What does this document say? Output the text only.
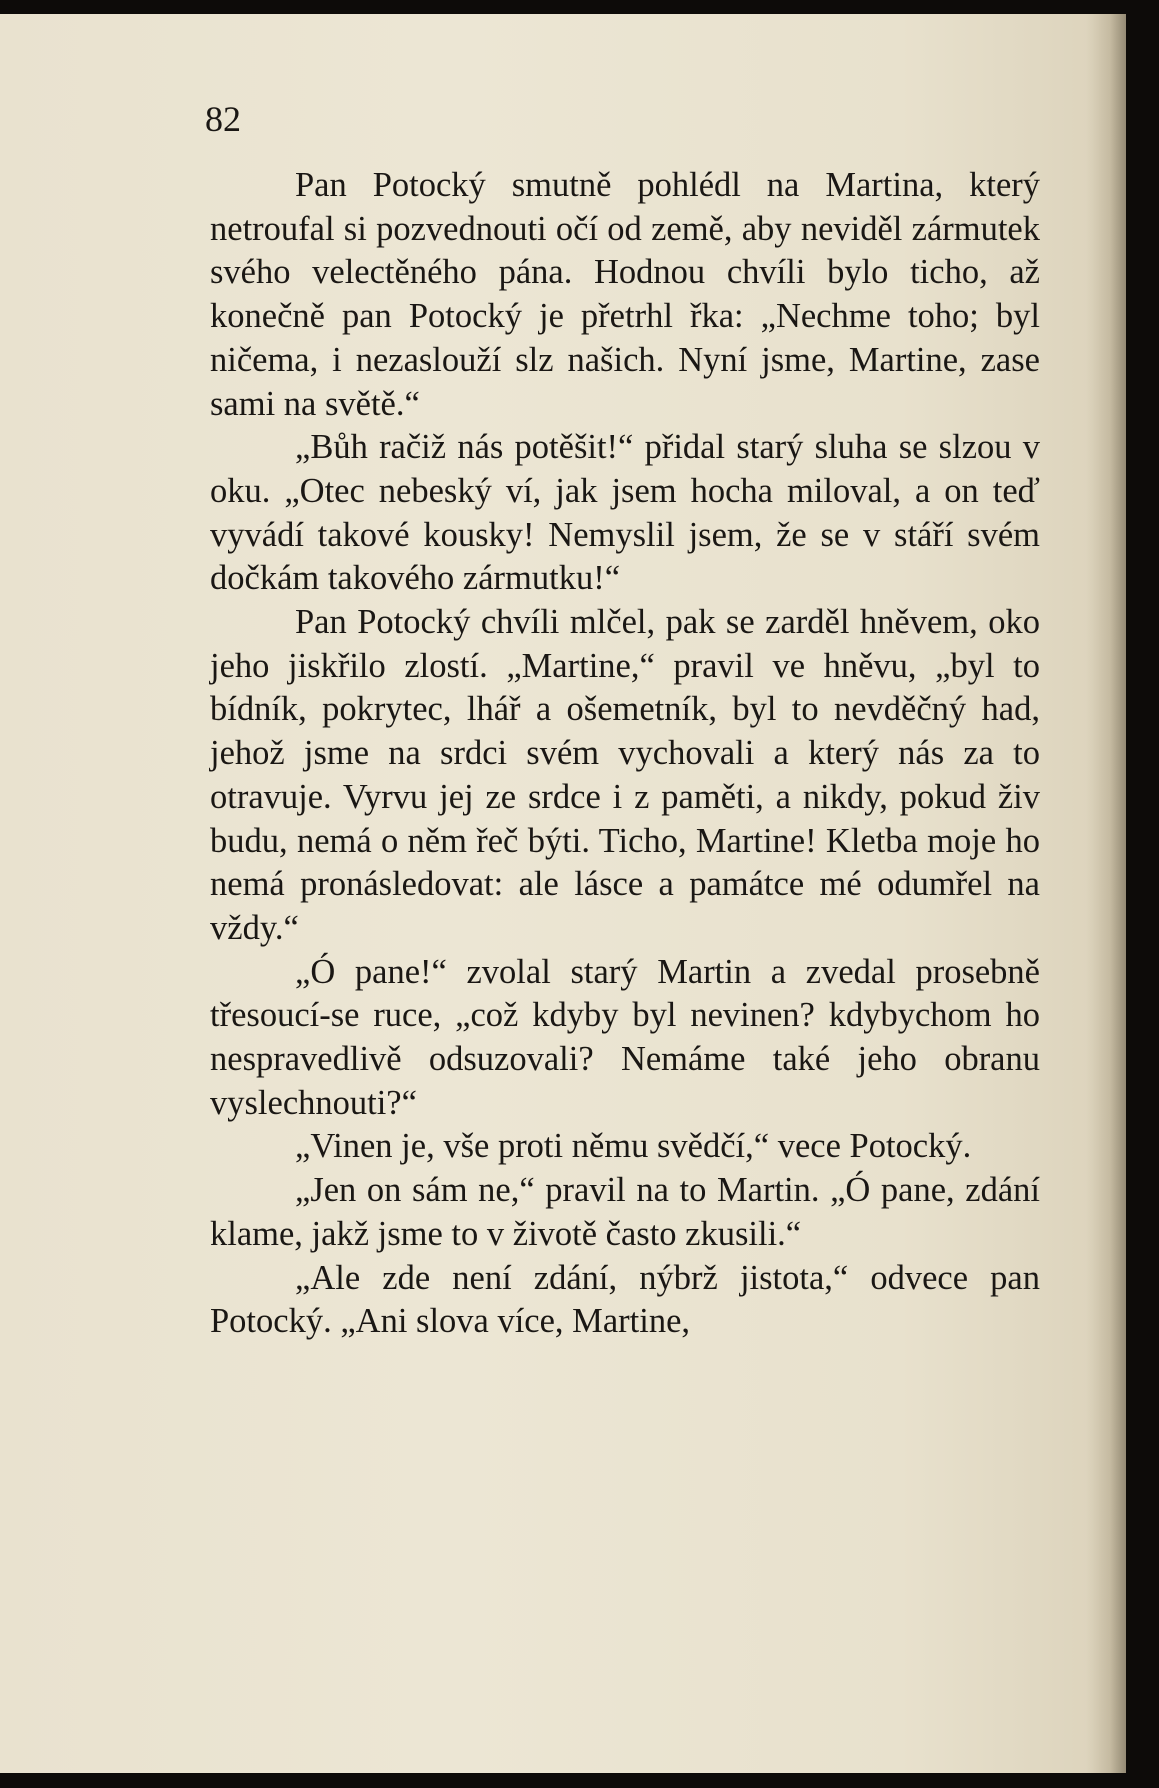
82

Pan Potocký smutně pohlédl na Martina, který netroufal si pozvednouti očí od země, aby neviděl zármutek svého velectěného pána. Hodnou chvíli bylo ticho, až konečně pan Potocký je přetrhl řka: „Nechme toho; byl ničema, i nezaslouží slz našich. Nyní jsme, Martine, zase sami na světě.“

„Bůh račiž nás potěšit!“ přidal starý sluha se slzou v oku. „Otec nebeský ví, jak jsem hocha miloval, a on teď vyvádí takové kousky! Nemyslil jsem, že se v stáří svém dočkám takového zármutku!“

Pan Potocký chvíli mlčel, pak se zarděl hněvem, oko jeho jiskřilo zlostí. „Martine,“ pravil ve hněvu, „byl to bídník, pokrytec, lhář a ošemetník, byl to nevděčný had, jehož jsme na srdci svém vychovali a který nás za to otravuje. Vyrvu jej ze srdce i z paměti, a nikdy, pokud živ budu, nemá o něm řeč býti. Ticho, Martine! Kletba moje ho nemá pronásledovat: ale lásce a památce mé odumřel na vždy.“

„Ó pane!“ zvolal starý Martin a zvedal prosebně třesoucí-se ruce, „což kdyby byl nevinen? kdybychom ho nespravedlivě odsuzovali? Nemáme také jeho obranu vyslechnouti?“

„Vinen je, vše proti němu svědčí,“ vece Potocký.

„Jen on sám ne,“ pravil na to Martin. „Ó pane, zdání klame, jakž jsme to v životě často zkusili.“

„Ale zde není zdání, nýbrž jistota,“ odvece pan Potocký. „Ani slova více, Martine,
